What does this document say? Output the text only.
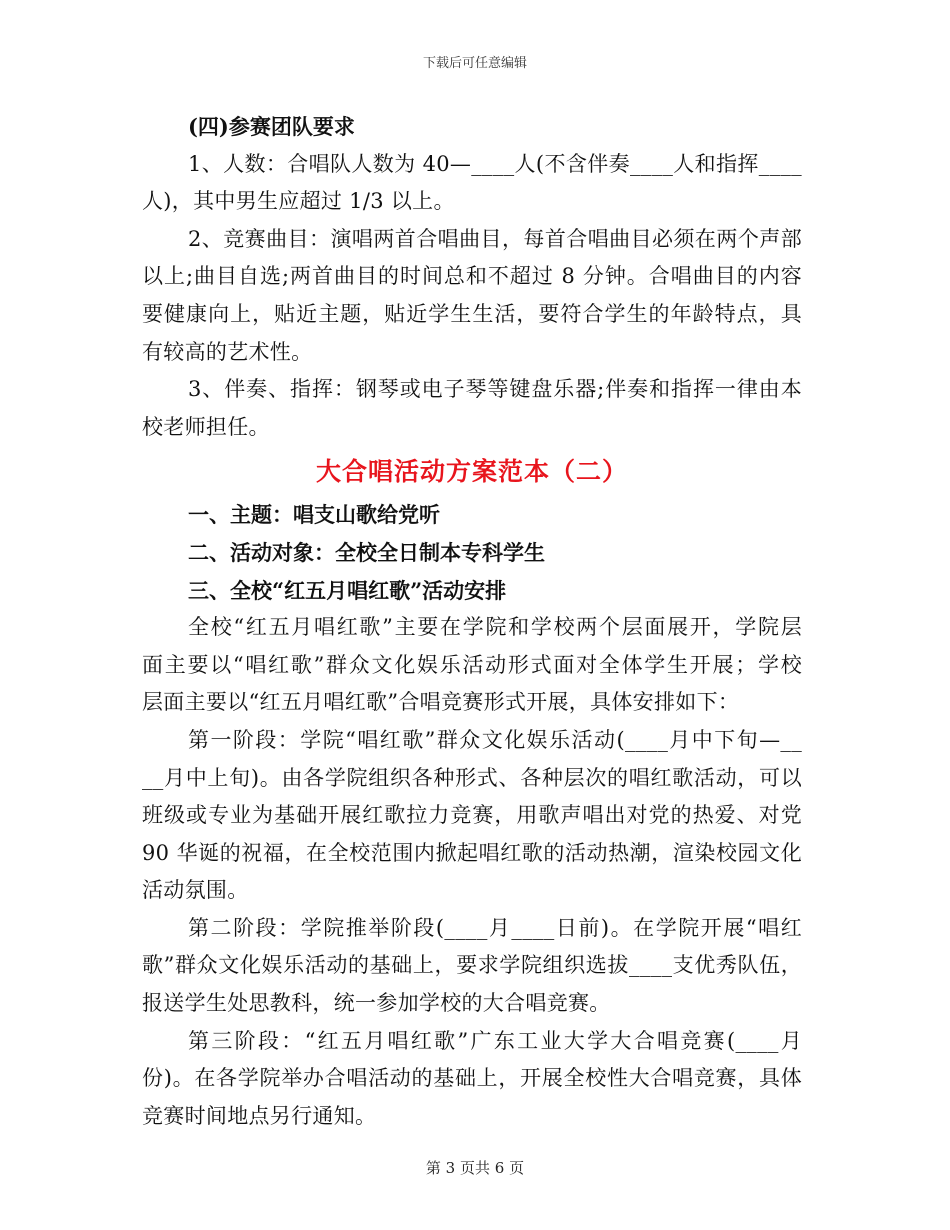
下载后可任意编辑
(四)参赛团队要求
1、人数：合唱队人数为 40—____人(不含伴奏____人和指挥____
人)，其中男生应超过 1/3 以上。
2、竞赛曲目：演唱两首合唱曲目，每首合唱曲目必须在两个声部
以上;曲目自选;两首曲目的时间总和不超过 8 分钟。合唱曲目的内容
要健康向上，贴近主题，贴近学生生活，要符合学生的年龄特点，具
有较高的艺术性。
3、伴奏、指挥：钢琴或电子琴等键盘乐器;伴奏和指挥一律由本
校老师担任。
大合唱活动方案范本（二）
一、主题：唱支山歌给党听
二、活动对象：全校全日制本专科学生
三、全校“红五月唱红歌”活动安排
全校“红五月唱红歌”主要在学院和学校两个层面展开，学院层
面主要以“唱红歌”群众文化娱乐活动形式面对全体学生开展；学校
层面主要以“红五月唱红歌”合唱竞赛形式开展，具体安排如下：
第一阶段：学院“唱红歌”群众文化娱乐活动(____月中下旬—__
__月中上旬)。由各学院组织各种形式、各种层次的唱红歌活动，可以
班级或专业为基础开展红歌拉力竞赛，用歌声唱出对党的热爱、对党
90 华诞的祝福，在全校范围内掀起唱红歌的活动热潮，渲染校园文化
活动氛围。
第二阶段：学院推举阶段(____月____日前)。在学院开展“唱红
歌”群众文化娱乐活动的基础上，要求学院组织选拔____支优秀队伍，
报送学生处思教科，统一参加学校的大合唱竞赛。
第三阶段：“红五月唱红歌”广东工业大学大合唱竞赛(____月
份)。在各学院举办合唱活动的基础上，开展全校性大合唱竞赛，具体
竞赛时间地点另行通知。
第 3 页共 6 页
